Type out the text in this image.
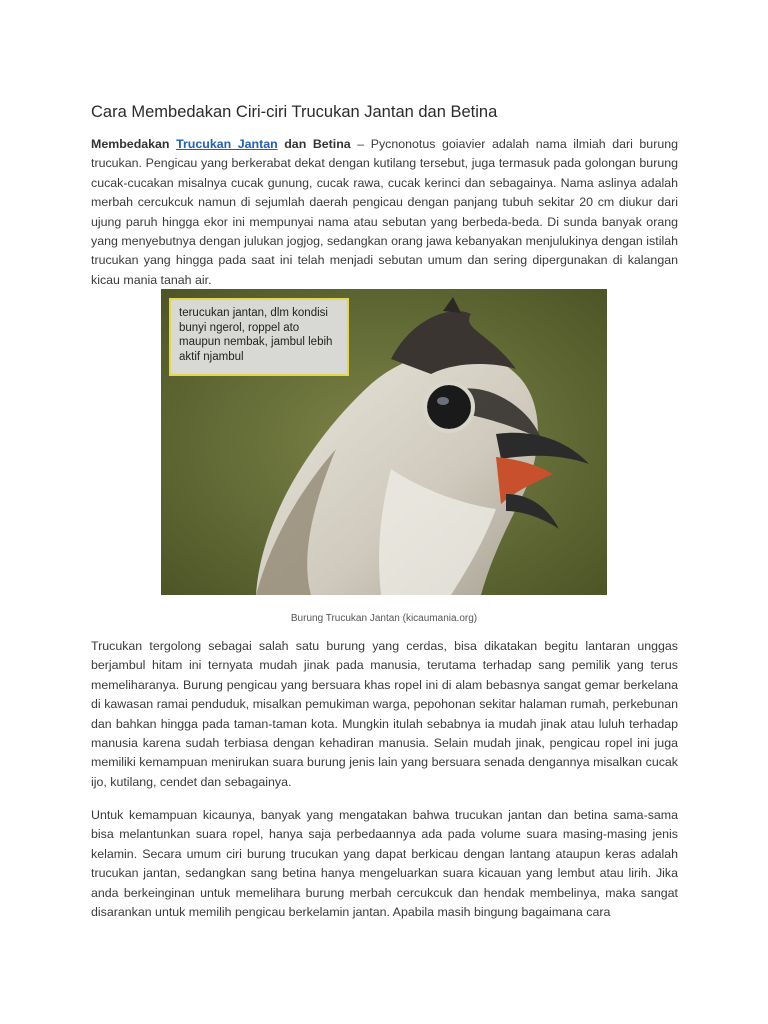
Cara Membedakan Ciri-ciri Trucukan Jantan dan Betina

Membedakan Trucukan Jantan dan Betina – Pycnonotus goiavier adalah nama ilmiah dari burung trucukan. Pengicau yang berkerabat dekat dengan kutilang tersebut, juga termasuk pada golongan burung cucak-cucakan misalnya cucak gunung, cucak rawa, cucak kerinci dan sebagainya. Nama aslinya adalah merbah cercukcuk namun di sejumlah daerah pengicau dengan panjang tubuh sekitar 20 cm diukur dari ujung paruh hingga ekor ini mempunyai nama atau sebutan yang berbeda-beda. Di sunda banyak orang yang menyebutnya dengan julukan jogjog, sedangkan orang jawa kebanyakan menjulukinya dengan istilah trucukan yang hingga pada saat ini telah menjadi sebutan umum dan sering dipergunakan di kalangan kicau mania tanah air.

terucukan jantan, dlm kondisi bunyi ngerol, roppel ato maupun nembak, jambul lebih aktif njambul
Burung Trucukan Jantan (kicaumania.org)

Trucukan tergolong sebagai salah satu burung yang cerdas, bisa dikatakan begitu lantaran unggas berjambul hitam ini ternyata mudah jinak pada manusia, terutama terhadap sang pemilik yang terus memeliharanya. Burung pengicau yang bersuara khas ropel ini di alam bebasnya sangat gemar berkelana di kawasan ramai penduduk, misalkan pemukiman warga, pepohonan sekitar halaman rumah, perkebunan dan bahkan hingga pada taman-taman kota. Mungkin itulah sebabnya ia mudah jinak atau luluh terhadap manusia karena sudah terbiasa dengan kehadiran manusia. Selain mudah jinak, pengicau ropel ini juga memiliki kemampuan menirukan suara burung jenis lain yang bersuara senada dengannya misalkan cucak ijo, kutilang, cendet dan sebagainya.

Untuk kemampuan kicaunya, banyak yang mengatakan bahwa trucukan jantan dan betina sama-sama bisa melantunkan suara ropel, hanya saja perbedaannya ada pada volume suara masing-masing jenis kelamin. Secara umum ciri burung trucukan yang dapat berkicau dengan lantang ataupun keras adalah trucukan jantan, sedangkan sang betina hanya mengeluarkan suara kicauan yang lembut atau lirih. Jika anda berkeinginan untuk memelihara burung merbah cercukcuk dan hendak membelinya, maka sangat disarankan untuk memilih pengicau berkelamin jantan. Apabila masih bingung bagaimana cara
